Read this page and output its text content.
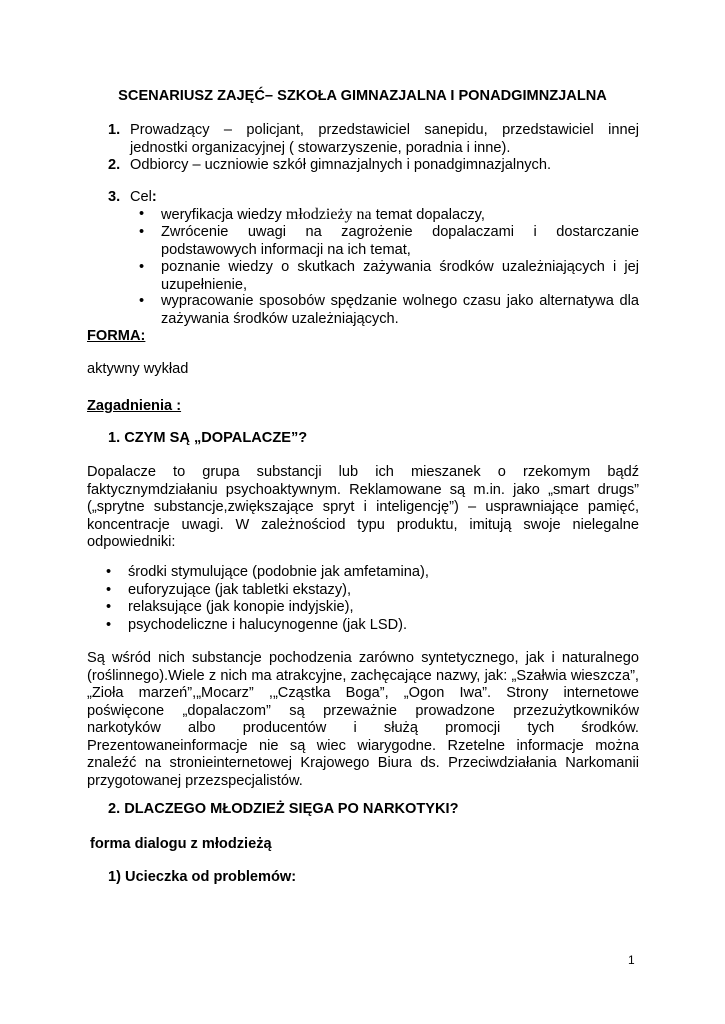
SCENARIUSZ ZAJĘĆ– SZKOŁA GIMNAZJALNA I PONADGIMNZJALNA
1. Prowadzący – policjant, przedstawiciel sanepidu, przedstawiciel innej
jednostki organizacyjnej ( stowarzyszenie, poradnia i inne).
2. Odbiorcy – uczniowie szkół gimnazjalnych i ponadgimnazjalnych.
3. Cel:
• weryfikacja wiedzy młodzieży na temat dopalaczy,
• Zwrócenie uwagi na zagrożenie dopalaczami i dostarczanie
podstawowych informacji na ich temat,
• poznanie wiedzy o skutkach zażywania środków uzależniających i jej
uzupełnienie,
• wypracowanie sposobów spędzanie wolnego czasu jako alternatywa dla
zażywania środków uzależniających.
FORMA:
aktywny wykład
Zagadnienia :
1. CZYM SĄ „DOPALACZE”?
Dopalacze to grupa substancji lub ich mieszanek o rzekomym bądź
faktycznymdziałaniu psychoaktywnym. Reklamowane są m.in. jako „smart drugs”
(„sprytne substancje,zwiększające spryt i inteligencję”) – usprawniające pamięć,
koncentracje uwagi. W zależnościod typu produktu, imitują swoje nielegalne
odpowiedniki:
• środki stymulujące (podobnie jak amfetamina),
• euforyzujące (jak tabletki ekstazy),
• relaksujące (jak konopie indyjskie),
• psychodeliczne i halucynogenne (jak LSD).
Są wśród nich substancje pochodzenia zarówno syntetycznego, jak i naturalnego
(roślinnego).Wiele z nich ma atrakcyjne, zachęcające nazwy, jak: „Szałwia wieszcza”,
„Zioła marzeń”,„Mocarz” ,„Cząstka Boga”, „Ogon Iwa”. Strony internetowe
poświęcone „dopalaczom” są przeważnie prowadzone przezużytkowników
narkotyków albo producentów i służą promocji tych środków.
Prezentowaneinformacje nie są wiec wiarygodne. Rzetelne informacje można
znaleźć na stronieinternetowej Krajowego Biura ds. Przeciwdziałania Narkomanii
przygotowanej przezspecjalistów.
2. DLACZEGO MŁODZIEŻ SIĘGA PO NARKOTYKI?
forma dialogu z młodzieżą
1) Ucieczka od problemów:
1
